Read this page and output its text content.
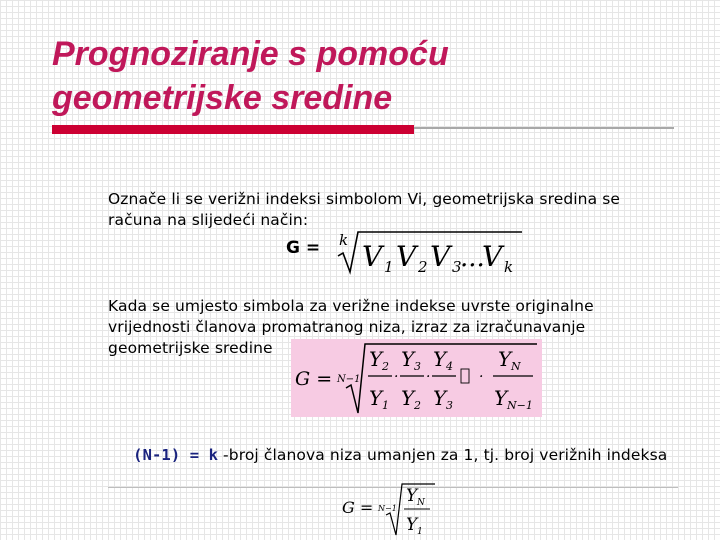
Prognoziranje s pomoću
geometrijske sredine
Označe li se verižni indeksi simbolom Vi, geometrijska sredina se računa na slijedeći način:
G = k V 1 V 2 V 3
...
V k
Kada se umjesto simbola za verižne indekse uvrste originalne vrijednosti članova promatranog niza, izraz za izračunavanje geometrijske sredine
G = N−1
Y 2
Y 1
·
Y 3
Y 2
·
Y 4
Y 3
·
Y N
Y N−1
(N-1) = k -broj članova niza umanjen za 1, tj. broj verižnih indeksa
G = N−1
Y N
Y 1
